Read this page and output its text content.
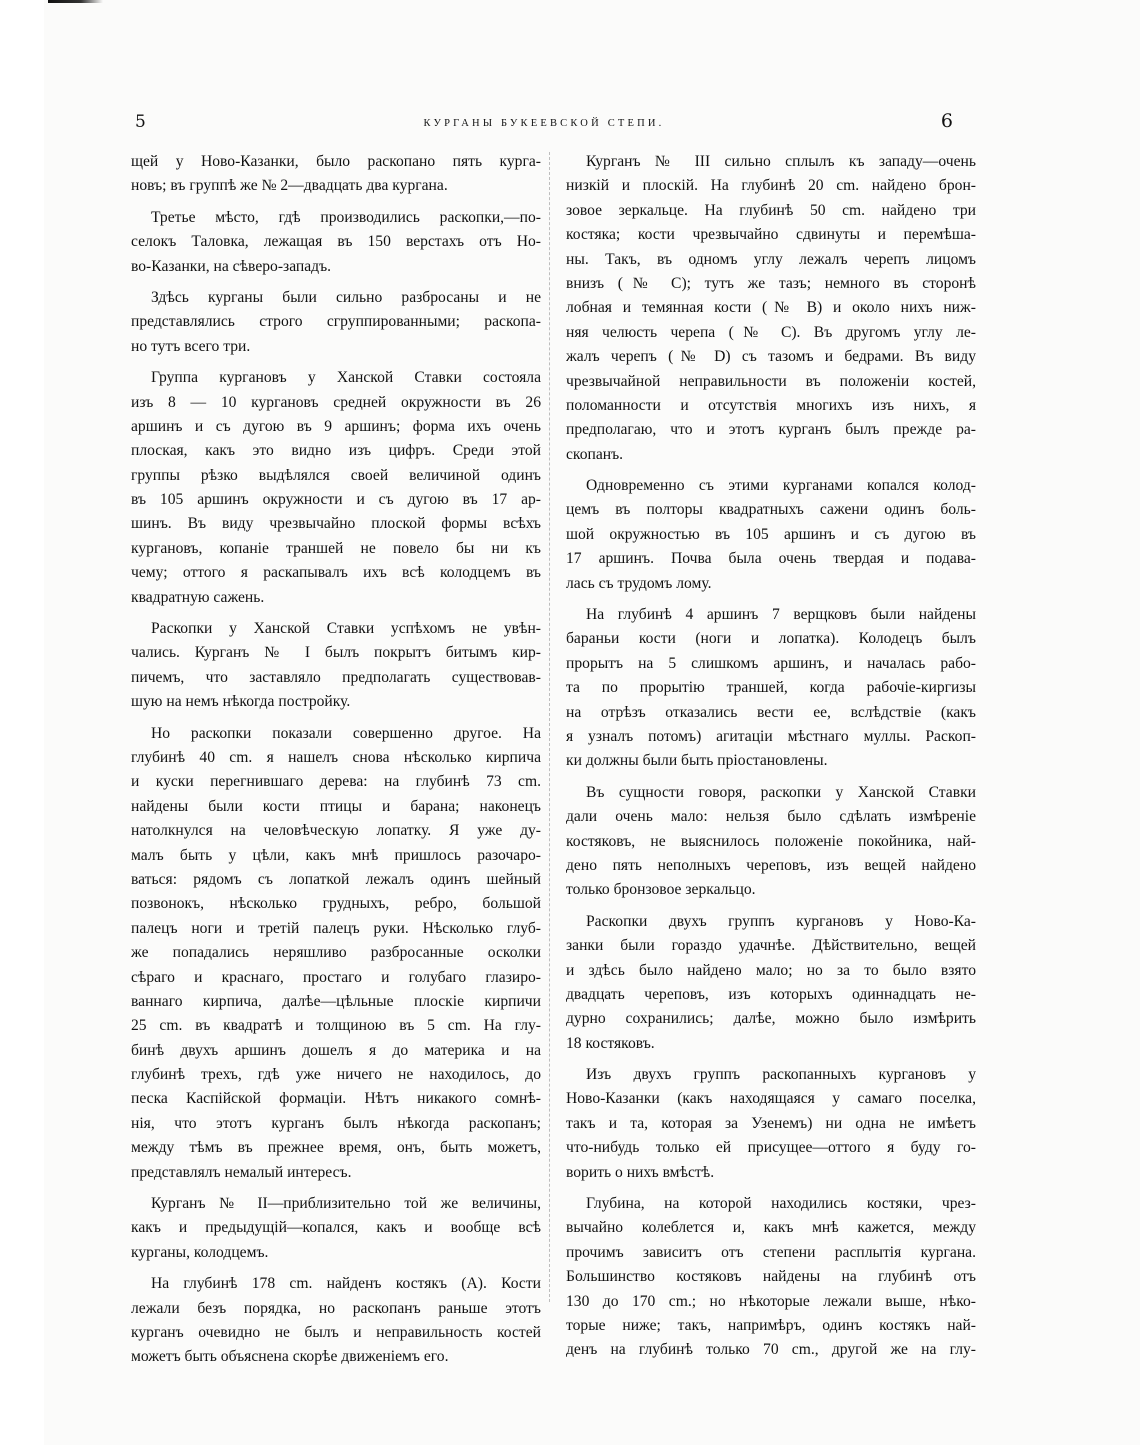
5	КУРГАНЫ БУКЕЕВСКОЙ СТЕПИ.	6
щей у Ново-Казанки, было раскопано пять курга-
новъ; въ группѣ же № 2—двадцать два кургана.
Третье мѣсто, гдѣ производились раскопки,—по-
селокъ Таловка, лежащая въ 150 верстахъ отъ Но-
во-Казанки, на сѣверо-западъ.
Здѣсь курганы были сильно разбросаны и не
представлялись строго сгруппированными; раскопа-
но тутъ всего три.
Группа кургановъ у Ханской Ставки состояла
изъ 8 — 10 кургановъ средней окружности въ 26
аршинъ и съ дугою въ 9 аршинъ; форма ихъ очень
плоская, какъ это видно изъ цифръ. Среди этой
группы рѣзко выдѣлялся своей величиной одинъ
въ 105 аршинъ окружности и съ дугою въ 17 ар-
шинъ. Въ виду чрезвычайно плоской формы всѣхъ
кургановъ, копаніе траншей не повело бы ни къ
чему; оттого я раскапывалъ ихъ всѣ колодцемъ въ
квадратную сажень.
Раскопки у Ханской Ставки успѣхомъ не увѣн-
чались. Курганъ № I былъ покрытъ битымъ кир-
пичемъ, что заставляло предполагать существовав-
шую на немъ нѣкогда постройку.
Но раскопки показали совершенно другое. На
глубинѣ 40 cm. я нашелъ снова нѣсколько кирпича
и куски перегнившаго дерева: на глубинѣ 73 cm.
найдены были кости птицы и барана; наконецъ
натолкнулся на человѣческую лопатку. Я уже ду-
малъ быть у цѣли, какъ мнѣ пришлось разочаро-
ваться: рядомъ съ лопаткой лежалъ одинъ шейный
позвонокъ, нѣсколько грудныхъ, ребро, большой
палецъ ноги и третій палецъ руки. Нѣсколько глуб-
же попадались неряшливо разбросанные осколки
сѣраго и краснаго, простаго и голубаго глазиро-
ваннаго кирпича, далѣе—цѣльные плоскіе кирпичи
25 cm. въ квадратѣ и толщиною въ 5 cm. На глу-
бинѣ двухъ аршинъ дошелъ я до материка и на
глубинѣ трехъ, гдѣ уже ничего не находилось, до
песка Каспійской формаціи. Нѣтъ никакого сомнѣ-
нія, что этотъ курганъ былъ нѣкогда раскопанъ;
между тѣмъ въ прежнее время, онъ, быть можетъ,
представлялъ немалый интересъ.
Курганъ № II—приблизительно той же величины,
какъ и предыдущій—копался, какъ и вообще всѣ
курганы, колодцемъ.
На глубинѣ 178 cm. найденъ костякъ (А). Кости
лежали безъ порядка, но раскопанъ раньше этотъ
курганъ очевидно не былъ и неправильность костей
можетъ быть объяснена скорѣе движеніемъ его.
Курганъ № III сильно сплылъ къ западу—очень
низкій и плоскій. На глубинѣ 20 cm. найдено брон-
зовое зеркальце. На глубинѣ 50 cm. найдено три
костяка; кости чрезвычайно сдвинуты и перемѣша-
ны. Такъ, въ одномъ углу лежалъ черепъ лицомъ
внизъ (№ С); тутъ же тазъ; немного въ сторонѣ
лобная и темянная кости (№ В) и около нихъ ниж-
няя челюсть черепа (№ С). Въ другомъ углу ле-
жалъ черепъ (№ D) съ тазомъ и бедрами. Въ виду
чрезвычайной неправильности въ положеніи костей,
поломанности и отсутствія многихъ изъ нихъ, я
предполагаю, что и этотъ курганъ былъ прежде ра-
скопанъ.
Одновременно съ этими курганами копался колод-
цемъ въ полторы квадратныхъ сажени одинъ боль-
шой окружностью въ 105 аршинъ и съ дугою въ
17 аршинъ. Почва была очень твердая и подава-
лась съ трудомъ лому.
На глубинѣ 4 аршинъ 7 верщковъ были найдены
бараньи кости (ноги и лопатка). Колодецъ былъ
прорытъ на 5 слишкомъ аршинъ, и началась рабо-
та по прорытію траншей, когда рабочіе-киргизы
на отрѣзъ отказались вести ее, вслѣдствіе (какъ
я узналъ потомъ) агитаціи мѣстнаго муллы. Раскоп-
ки должны были быть пріостановлены.
Въ сущности говоря, раскопки у Ханской Ставки
дали очень мало: нельзя было сдѣлать измѣреніе
костяковъ, не выяснилось положеніе покойника, най-
дено пять неполныхъ череповъ, изъ вещей найдено
только бронзовое зеркальцо.
Раскопки двухъ группъ кургановъ у Ново-Ка-
занки были гораздо удачнѣе. Дѣйствительно, вещей
и здѣсь было найдено мало; но за то было взято
двадцать череповъ, изъ которыхъ одиннадцать не-
дурно сохранились; далѣе, можно было измѣрить
18 костяковъ.
Изъ двухъ группъ раскопанныхъ кургановъ у
Ново-Казанки (какъ находящаяся у самаго поселка,
такъ и та, которая за Узенемъ) ни одна не имѣетъ
что-нибудь только ей присущее—оттого я буду го-
ворить о нихъ вмѣстѣ.
Глубина, на которой находились костяки, чрез-
вычайно колеблется и, какъ мнѣ кажется, между
прочимъ зависитъ отъ степени расплытія кургана.
Большинство костяковъ найдены на глубинѣ отъ
130 до 170 cm.; но нѣкоторые лежали выше, нѣко-
торые ниже; такъ, напримѣръ, одинъ костякъ най-
денъ на глубинѣ только 70 cm., другой же на глу-
